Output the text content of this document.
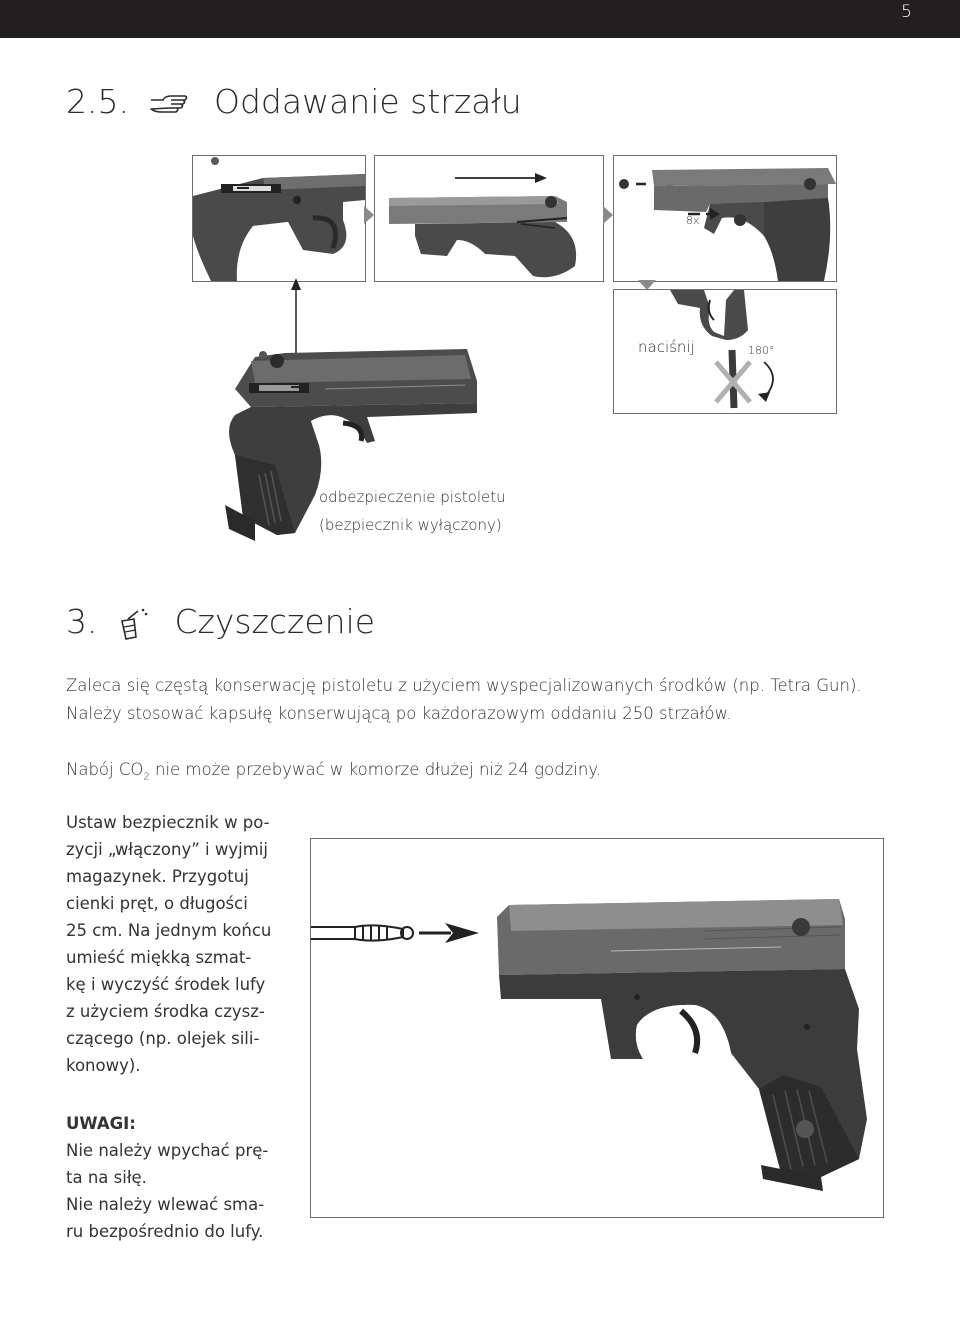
5
2.5.	Oddawanie strzału
8x
naciśnij	180°
odbezpieczenie pistoletu
(bezpiecznik wyłączony)
3. Czyszczenie
Zaleca się częstą konserwację pistoletu z użyciem wyspecjalizowanych środków (np. Tetra Gun).
Należy stosować kapsułę konserwującą po każdorazowym oddaniu 250 strzałów.
Nabój $CO_2$ nie może przebywać w komorze dłużej niż 24 godziny.
Ustaw bezpiecznik w po-
zycji „włączony” i wyjmij
magazynek. Przygotuj
cienki pręt, o długości
25 cm. Na jednym końcu
umieść miękką szmat-
kę i wyczyść środek lufy
z użyciem środka czysz-
czącego (np. olejek sili-
konowy).
UWAGI:
Nie należy wpychać prę-
ta na siłę.
Nie należy wlewać sma-
ru bezpośrednio do lufy.
